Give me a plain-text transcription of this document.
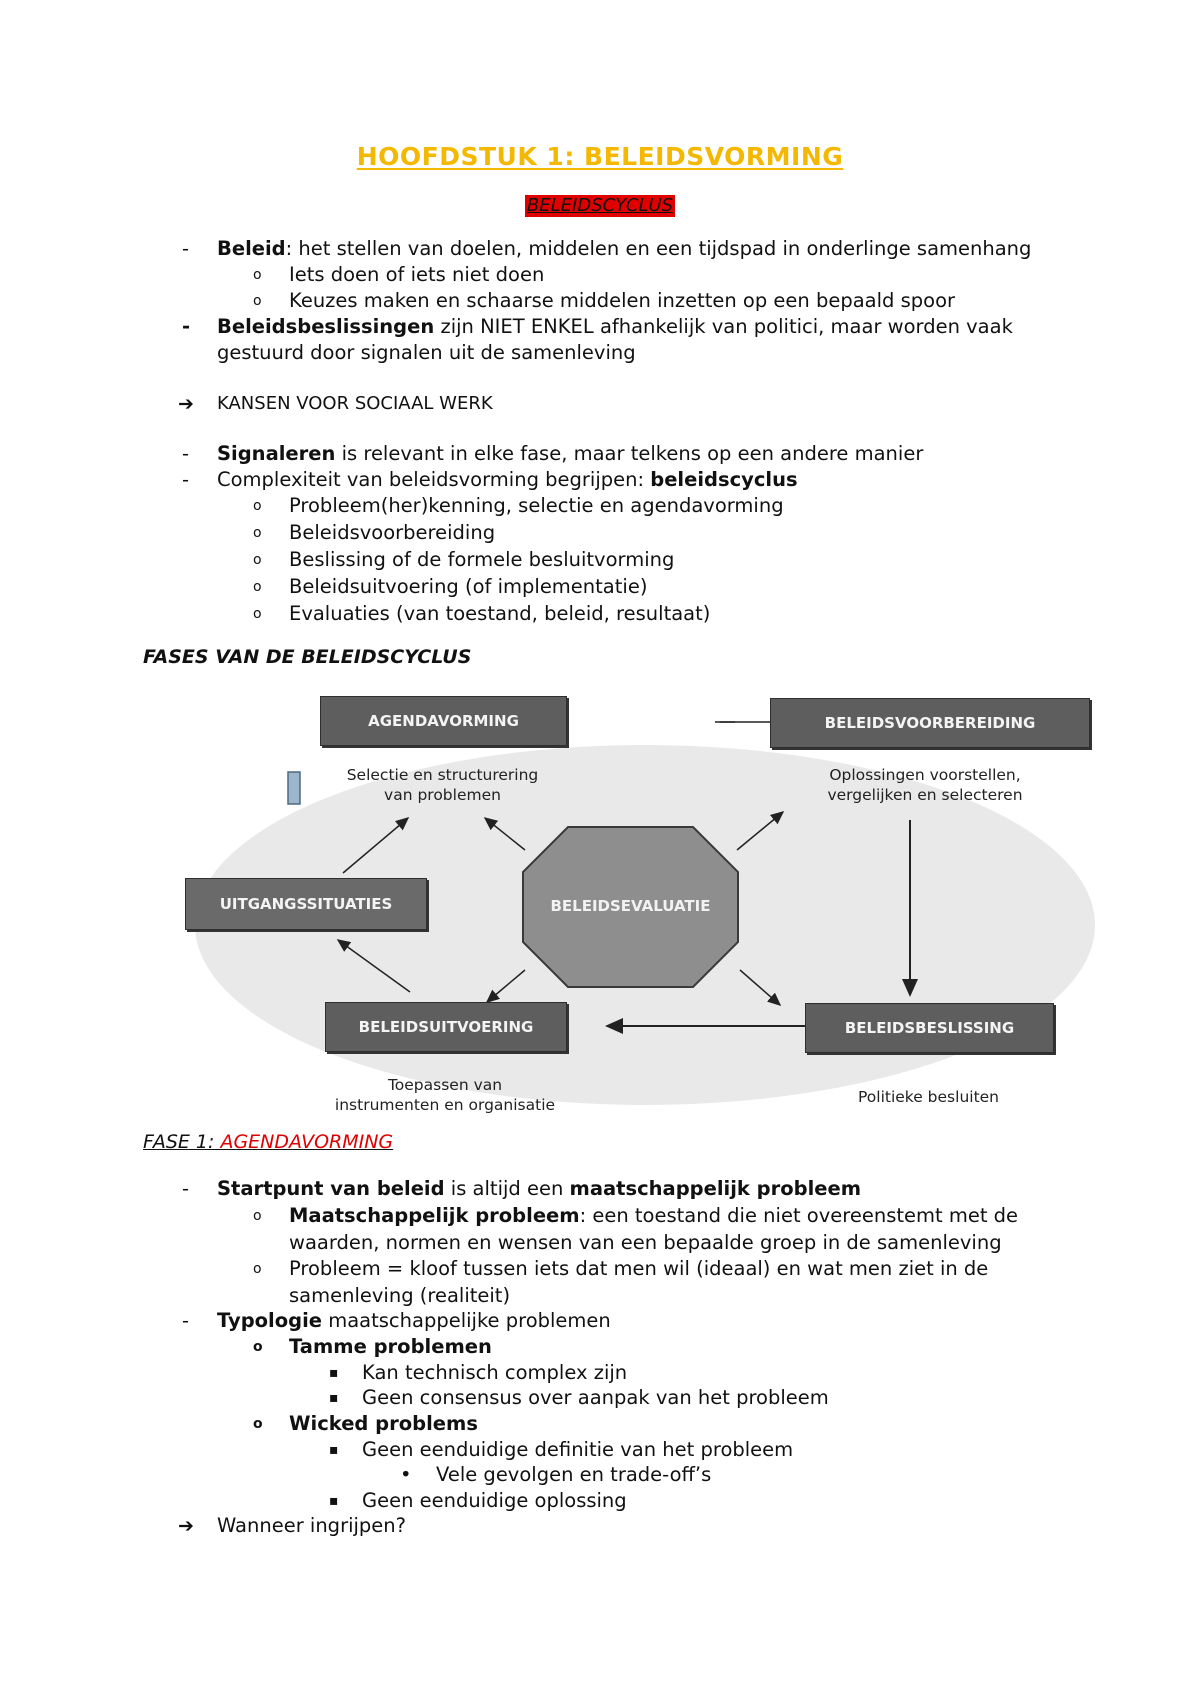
HOOFDSTUK 1: BELEIDSVORMING
BELEIDSCYCLUS
- Beleid: het stellen van doelen, middelen en een tijdspad in onderlinge samenhang
o Iets doen of iets niet doen
o Keuzes maken en schaarse middelen inzetten op een bepaald spoor
- Beleidsbeslissingen zijn NIET ENKEL afhankelijk van politici, maar worden vaak
gestuurd door signalen uit de samenleving
➔ KANSEN VOOR SOCIAAL WERK
- Signaleren is relevant in elke fase, maar telkens op een andere manier
- Complexiteit van beleidsvorming begrijpen: beleidscyclus
o Probleem(her)kenning, selectie en agendavorming
o Beleidsvoorbereiding
o Beslissing of de formele besluitvorming
o Beleidsuitvoering (of implementatie)
o Evaluaties (van toestand, beleid, resultaat)
FASES VAN DE BELEIDSCYCLUS
AGENDAVORMING
Selectie en structurering
van problemen
BELEIDSVOORBEREIDING
Oplossingen voorstellen,
vergelijken en selecteren
UITGANGSSITUATIES	BELEIDSEVALUATIE
BELEIDSUITVOERING
Toepassen van
instrumenten en organisatie
BELEIDSBESLISSING
Politieke besluiten
FASE 1: AGENDAVORMING
- Startpunt van beleid is altijd een maatschappelijk probleem
o Maatschappelijk probleem: een toestand die niet overeenstemt met de
waarden, normen en wensen van een bepaalde groep in de samenleving
o Probleem = kloof tussen iets dat men wil (ideaal) en wat men ziet in de
samenleving (realiteit)
- Typologie maatschappelijke problemen
o Tamme problemen
▪ Kan technisch complex zijn
▪ Geen consensus over aanpak van het probleem
o Wicked problems
▪ Geen eenduidige definitie van het probleem
• Vele gevolgen en trade-off’s
▪ Geen eenduidige oplossing
➔ Wanneer ingrijpen?
